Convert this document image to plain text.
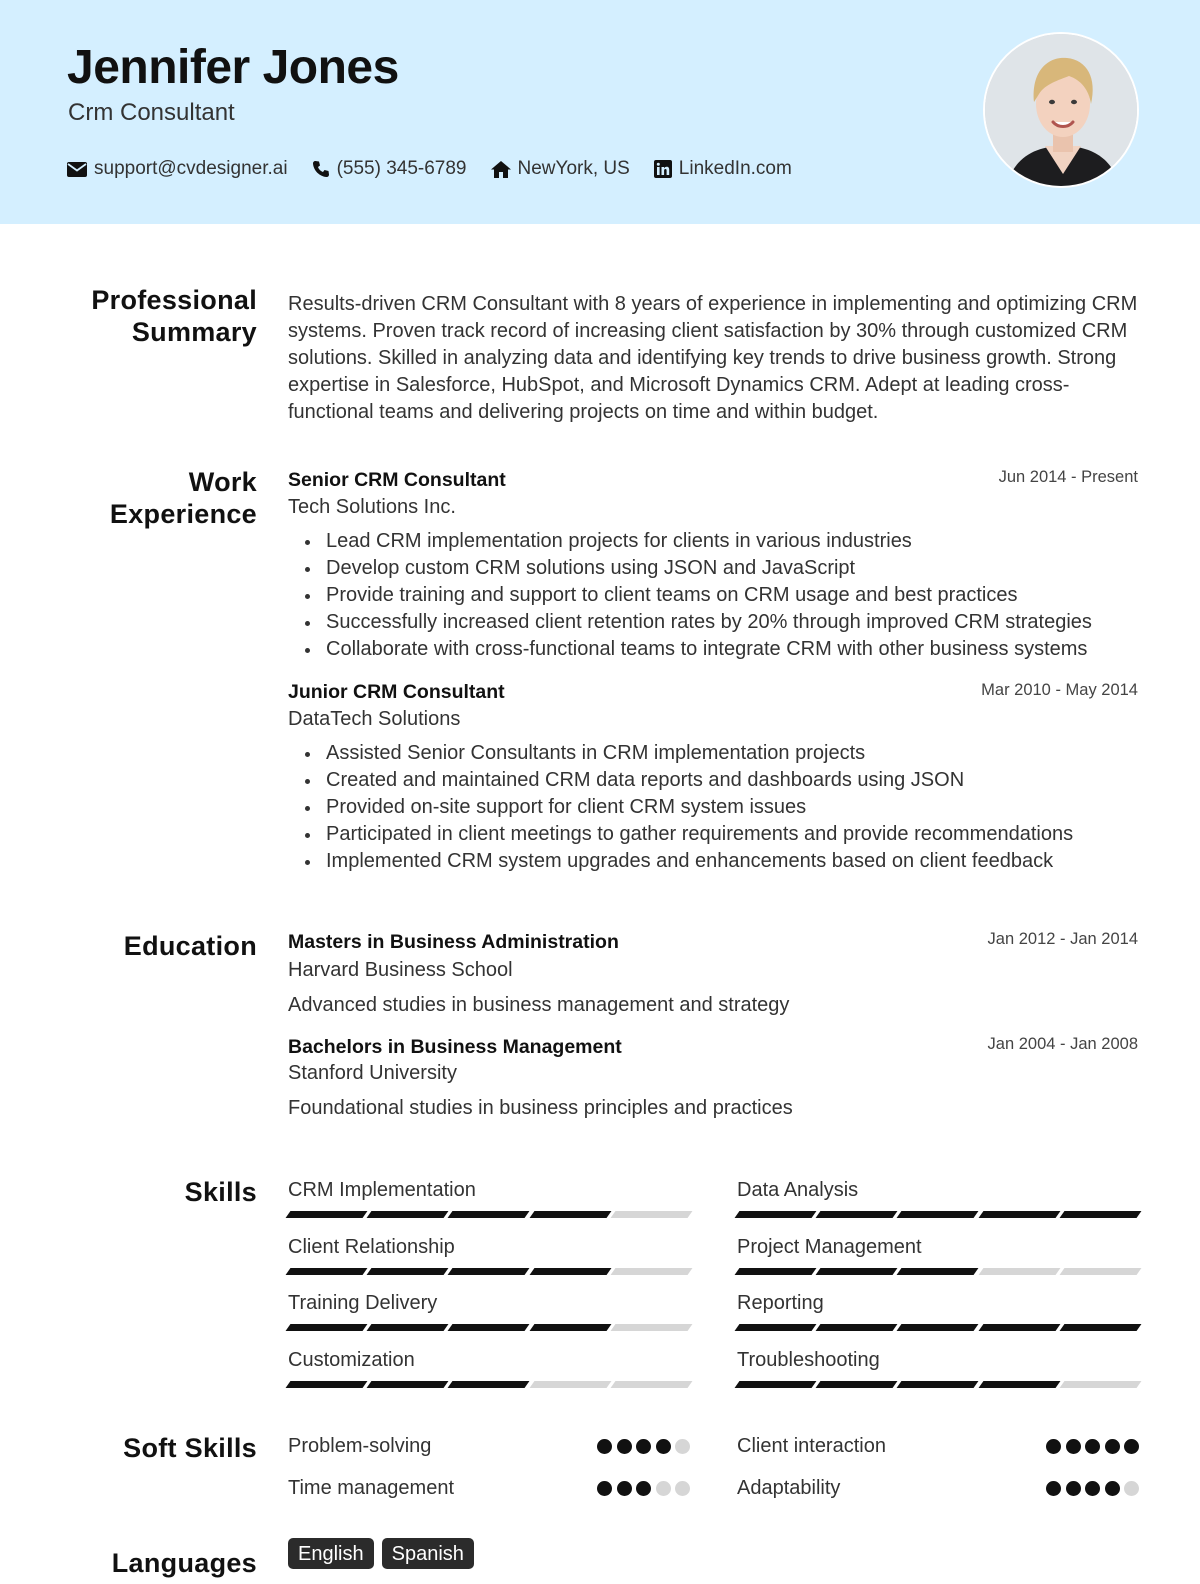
Jennifer Jones
Crm Consultant
support@cvdesigner.ai	(555) 345-6789	NewYork, US	LinkedIn.com
Professional
Summary
Results-driven CRM Consultant with 8 years of experience in implementing and optimizing CRM systems. Proven track record of increasing client satisfaction by 30% through customized CRM solutions. Skilled in analyzing data and identifying key trends to drive business growth. Strong expertise in Salesforce, HubSpot, and Microsoft Dynamics CRM. Adept at leading cross-functional teams and delivering projects on time and within budget.
Work
Experience
Senior CRM Consultant	Jun 2014 - Present
Tech Solutions Inc.
Lead CRM implementation projects for clients in various industries
Develop custom CRM solutions using JSON and JavaScript
Provide training and support to client teams on CRM usage and best practices
Successfully increased client retention rates by 20% through improved CRM strategies
Collaborate with cross-functional teams to integrate CRM with other business systems
Junior CRM Consultant	Mar 2010 - May 2014
DataTech Solutions
Assisted Senior Consultants in CRM implementation projects
Created and maintained CRM data reports and dashboards using JSON
Provided on-site support for client CRM system issues
Participated in client meetings to gather requirements and provide recommendations
Implemented CRM system upgrades and enhancements based on client feedback
Education Masters in Business Administration	Jan 2012 - Jan 2014
Harvard Business School
Advanced studies in business management and strategy
Bachelors in Business Management	Jan 2004 - Jan 2008
Stanford University
Foundational studies in business principles and practices
Skills CRM Implementation	Data Analysis
Client Relationship	Project Management
Training Delivery	Reporting
Customization	Troubleshooting
Soft Skills Problem-solving	Client interaction
Time management	Adaptability
Languages	English	Spanish
